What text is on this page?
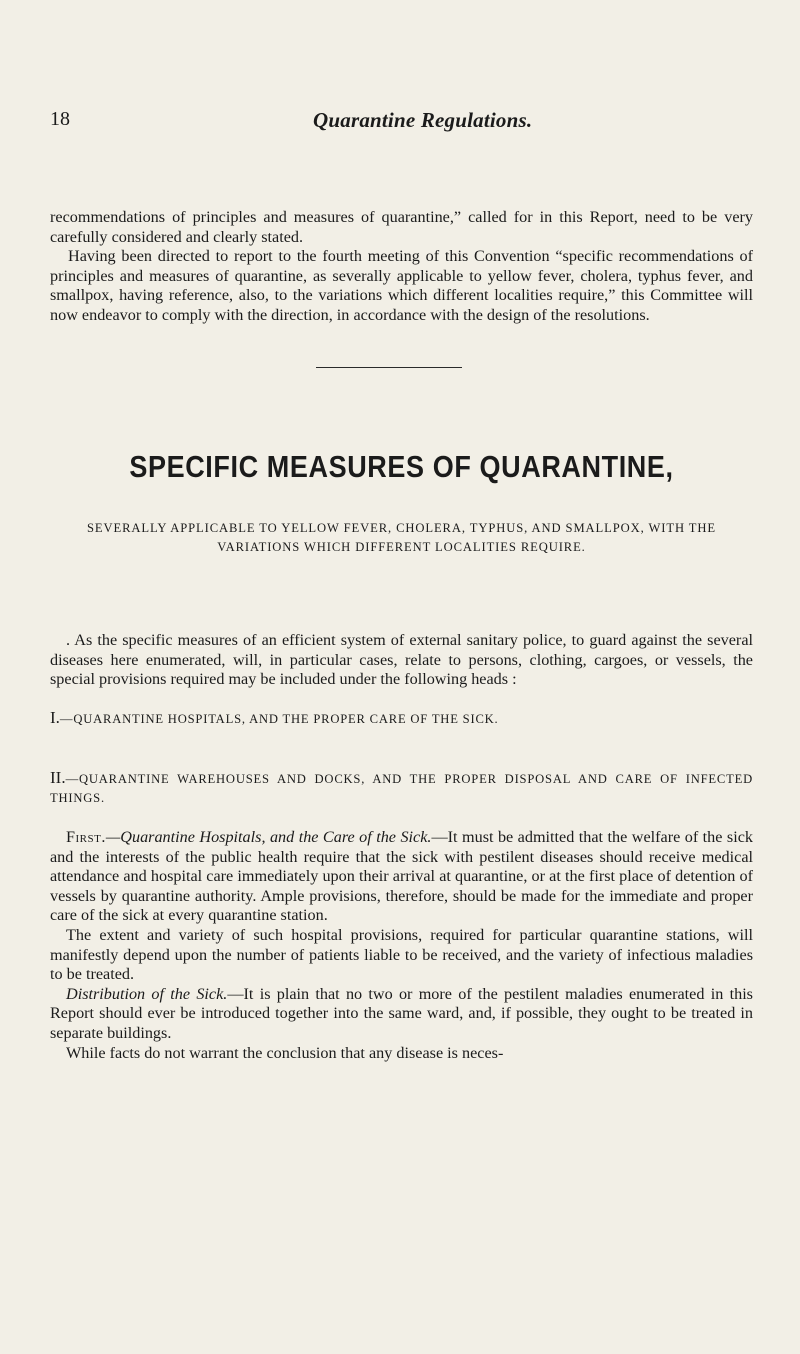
18	Quarantine Regulations.

recommendations of principles and measures of quarantine,” called for in this Report, need to be very carefully considered and clearly stated.

Having been directed to report to the fourth meeting of this Convention “specific recommendations of principles and measures of quarantine, as severally applicable to yellow fever, cholera, typhus fever, and smallpox, having reference, also, to the variations which different localities require,” this Committee will now endeavor to comply with the direction, in accordance with the design of the resolutions.

SPECIFIC MEASURES OF QUARANTINE,
SEVERALLY APPLICABLE TO YELLOW FEVER, CHOLERA, TYPHUS, AND SMALLPOX, WITH THE VARIATIONS WHICH DIFFERENT LOCALITIES REQUIRE.

. As the specific measures of an efficient system of external sanitary police, to guard against the several diseases here enumerated, will, in particular cases, relate to persons, clothing, cargoes, or vessels, the special provisions required may be included under the following heads :

I.—QUARANTINE HOSPITALS, AND THE PROPER CARE OF THE SICK.
II.—QUARANTINE WAREHOUSES AND DOCKS, AND THE PROPER DISPOSAL AND CARE OF INFECTED THINGS.

First.—Quarantine Hospitals, and the Care of the Sick.—It must be admitted that the welfare of the sick and the interests of the public health require that the sick with pestilent diseases should receive medical attendance and hospital care immediately upon their arrival at quarantine, or at the first place of detention of vessels by quarantine authority. Ample provisions, therefore, should be made for the immediate and proper care of the sick at every quarantine station.

The extent and variety of such hospital provisions, required for particular quarantine stations, will manifestly depend upon the number of patients liable to be received, and the variety of infectious maladies to be treated.

Distribution of the Sick.—It is plain that no two or more of the pestilent maladies enumerated in this Report should ever be introduced together into the same ward, and, if possible, they ought to be treated in separate buildings.

While facts do not warrant the conclusion that any disease is neces-
